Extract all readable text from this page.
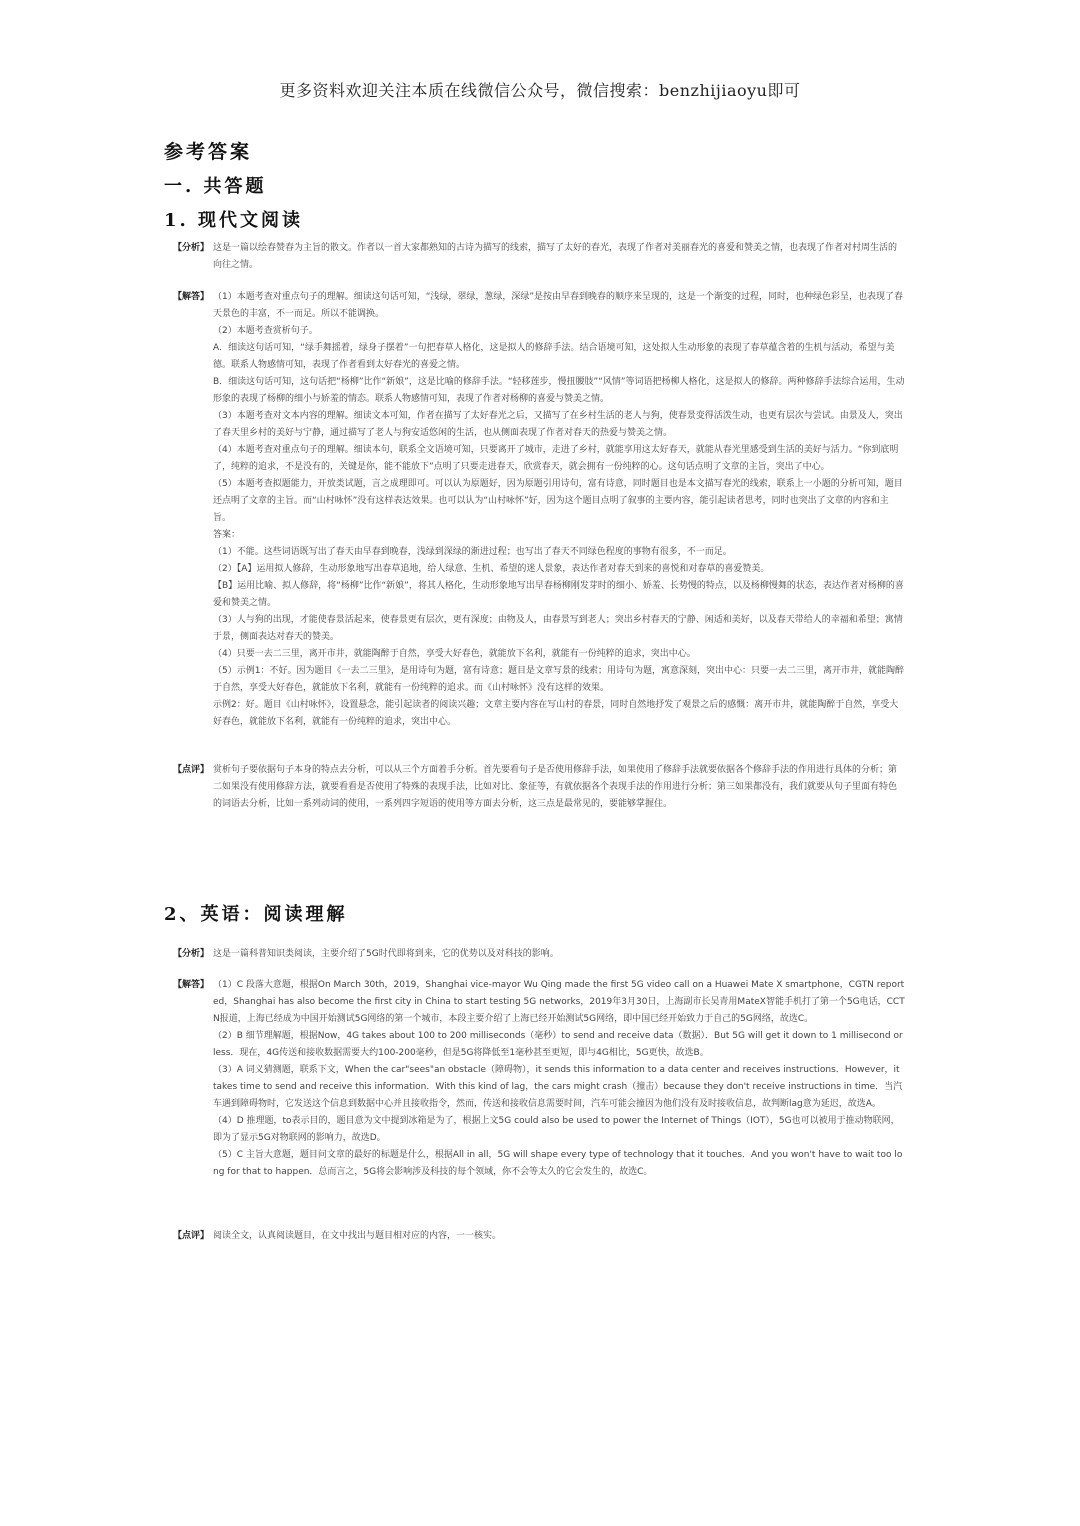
更多资料欢迎关注本质在线微信公众号，微信搜索：benzhijiaoyu即可
参考答案
一. 共答题
1. 现代文阅读
【分析】 这是一篇以绘春赞春为主旨的散文。作者以一首大家都熟知的古诗为描写的线索，描写了太好的春光，表现了作者对美丽春光的喜爱和赞美之情，也表现了作者对村周生活的向往之情。

【解答】 （1）本题考查对重点句子的理解。细读这句话可知，“浅绿，翠绿，葱绿，深绿”是按由早春到晚春的顺序来呈现的，这是一个渐变的过程，同时，也种绿色彩呈，也表现了春天景色的丰富，不一而足。所以不能调换。

（2）本题考查赏析句子。

A．细读这句话可知，“绿手舞摇着，绿身子摆着”一句把春草人格化，这是拟人的修辞手法。结合语境可知，这处拟人生动形象的表现了春草蕴含着的生机与活动，希望与美德。联系人物感情可知，表现了作者看到太好春光的喜爱之情。

B．细读这句话可知，这句话把“杨柳”比作“新娘”，这是比喻的修辞手法。“轻移莲步，慢扭腰肢”“风情”等词语把杨柳人格化，这是拟人的修辞。两种修辞手法综合运用，生动形象的表现了杨柳的细小与娇羞的情态。联系人物感情可知，表现了作者对杨柳的喜爱与赞美之情。

（3）本题考查对文本内容的理解。细读文本可知，作者在描写了太好春光之后，又描写了在乡村生活的老人与狗，使春景变得活泼生动，也更有层次与尝试。由景及人，突出了春天里乡村的美好与宁静，通过描写了老人与狗安适悠闲的生活，也从侧面表现了作者对春天的热爱与赞美之情。

（4）本题考查对重点句子的理解。细读本句，联系全文语境可知，只要离开了城市，走进了乡村，就能享用这太好春天，就能从春光里感受到生活的美好与活力。“你到底明了，纯粹的追求，不是没有的，关键是你，能不能放下”点明了只要走进春天，欣赏春天，就会拥有一份纯粹的心。这句话点明了文章的主旨，突出了中心。

（5）本题考查拟题能力，开放类试题，言之成理即可。可以认为原题好，因为原题引用诗句，富有诗意，同时题目也是本文描写春光的线索，联系上一小题的分析可知，题目还点明了文章的主旨。而“山村咏怀”没有这样表达效果。也可以认为“山村咏怀”好，因为这个题目点明了叙事的主要内容，能引起读者思考，同时也突出了文章的内容和主旨。

答案：

（1）不能。这些词语既写出了春天由早春到晚春，浅绿到深绿的渐进过程；也写出了春天不同绿色程度的事物有很多，不一而足。

（2）【A】运用拟人修辞，生动形象地写出春草追地，给人绿意、生机、希望的迷人景象，表达作者对春天到来的喜悦和对春草的喜爱赞美。

【B】运用比喻、拟人修辞，将“杨柳”比作“新娘”，将其人格化，生动形象地写出早春杨柳刚发芽时的细小、娇羞、长势慢的特点，以及杨柳慢舞的状态，表达作者对杨柳的喜爱和赞美之情。

（3）人与狗的出现，才能使春景活起来，使春景更有层次，更有深度；由物及人，由春景写到老人；突出乡村春天的宁静、闲适和美好，以及春天带给人的幸福和希望；寓情于景，侧面表达对春天的赞美。

（4）只要一去二三里，离开市井，就能陶醉于自然，享受大好春色，就能放下名利，就能有一份纯粹的追求，突出中心。

（5）示例1：不好。因为题目《一去二三里》，是用诗句为题，富有诗意；题目是文章写景的线索；用诗句为题，寓意深刻，突出中心：只要一去二三里，离开市井，就能陶醉于自然，享受大好春色，就能放下名利，就能有一份纯粹的追求。而《山村咏怀》没有这样的效果。

示例2：好。题目《山村咏怀》，设置悬念，能引起读者的阅读兴趣；文章主要内容在写山村的春景，同时自然地抒发了观景之后的感慨：离开市井，就能陶醉于自然，享受大好春色，就能放下名利，就能有一份纯粹的追求，突出中心。

【点评】 赏析句子要依据句子本身的特点去分析，可以从三个方面着手分析。首先要看句子是否使用修辞手法，如果使用了修辞手法就要依据各个修辞手法的作用进行具体的分析；第二如果没有使用修辞方法，就要看看是否使用了特殊的表现手法，比如对比、象征等，有就依据各个表现手法的作用进行分析；第三如果都没有，我们就要从句子里面有特色的词语去分析，比如一系列动词的使用，一系列四字短语的使用等方面去分析，这三点是最常见的，要能够掌握住。

2、英语：阅读理解
【分析】 这是一篇科普知识类阅读，主要介绍了5G时代即将到来，它的优势以及对科技的影响。

【解答】 （1）C 段落大意题，根据On March 30th，2019，Shanghai vice-mayor Wu Qing made the first 5G video call on a Huawei Mate X smartphone，CGTN reported，Shanghai has also become the first city in China to start testing 5G networks，2019年3月30日，上海副市长吴青用MateX智能手机打了第一个5G电话，CCTN报道，上海已经成为中国开始测试5G网络的第一个城市，本段主要介绍了上海已经开始测试5G网络，即中国已经开始致力于自己的5G网络，故选C。

（2）B 细节理解题，根据Now，4G takes about 100 to 200 milliseconds（毫秒）to send and receive data（数据）．But 5G will get it down to 1 millisecond or less．现在，4G传送和接收数据需要大约100-200毫秒，但是5G将降低至1毫秒甚至更短，即与4G相比，5G更快，故选B。

（3）A 词义猜测题，联系下文，When the car"sees"an obstacle（障碍物），it sends this information to a data center and receives instructions．However，it takes time to send and receive this information．With this kind of lag，the cars might crash（撞击）because they don't receive instructions in time．当汽车遇到障碍物时，它发送这个信息到数据中心并且接收指令，然而，传送和接收信息需要时间，汽车可能会撞因为他们没有及时接收信息，故判断lag意为延迟，故选A。

（4）D 推理题，to表示目的，题目意为文中提到冰箱是为了，根据上文5G could also be used to power the Internet of Things（IOT），5G也可以被用于推动物联网，即为了显示5G对物联网的影响力，故选D。

（5）C 主旨大意题，题目问文章的最好的标题是什么，根据All in all，5G will shape every type of technology that it touches．And you won't have to wait too long for that to happen．总而言之，5G将会影响涉及科技的每个领域，你不会等太久的它会发生的，故选C。

【点评】 阅读全文，认真阅读题目，在文中找出与题目相对应的内容，一一核实。
